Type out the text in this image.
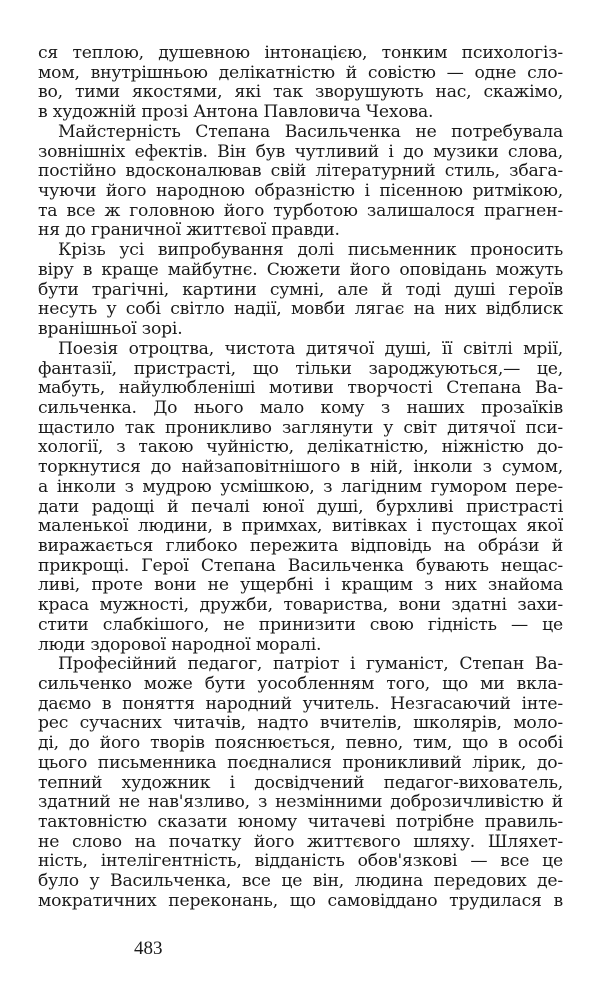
ся теплою, душевною інтонацією, тонким психологіз-
мом, внутрішньою делікатністю й совістю — одне сло-
во, тими якостями, які так зворушують нас, скажімо,
в художній прозі Антона Павловича Чехова.
Майстерність Степана Васильченка не потребувала
зовнішніх ефектів. Він був чутливий і до музики слова,
постійно вдосконалював свій літературний стиль, збага-
чуючи його народною образністю і пісенною ритмікою,
та все ж головною його турботою залишалося прагнен-
ня до граничної життєвої правди.
Крізь усі випробування долі письменник проносить
віру в краще майбутнє. Сюжети його оповідань можуть
бути трагічні, картини сумні, але й тоді душі героїв
несуть у собі світло надії, мовби лягає на них відблиск
вранішньої зорі.
Поезія отроцтва, чистота дитячої душі, її світлі мрії,
фантазії, пристрасті, що тільки зароджуються,— це,
мабуть, найулюбленіші мотиви творчості Степана Ва-
сильченка. До нього мало кому з наших прозаїків
щастило так проникливо заглянути у світ дитячої пси-
хології, з такою чуйністю, делікатністю, ніжністю до-
торкнутися до найзаповітнішого в ній, інколи з сумом,
а інколи з мудрою усмішкою, з лагідним гумором пере-
дати радощі й печалі юної душі, бурхливі пристрасті
маленької людини, в примхах, витівках і пустощах якої
виражається глибоко пережита відповідь на обра́зи й
прикрощі. Герої Степана Васильченка бувають нещас-
ливі, проте вони не ущербні і кращим з них знайома
краса мужності, дружби, товариства, вони здатні захи-
стити слабкішого, не принизити свою гідність — це
люди здорової народної моралі.
Професійний педагог, патріот і гуманіст, Степан Ва-
сильченко може бути уособленням того, що ми вкла-
даємо в поняття народний учитель. Незгасаючий інте-
рес сучасних читачів, надто вчителів, школярів, моло-
ді, до його творів пояснюється, певно, тим, що в особі
цього письменника поєдналися проникливий лірик, до-
тепний художник і досвідчений педагог-вихователь,
здатний не нав'язливо, з незмінними доброзичливістю й
тактовністю сказати юному читачеві потрібне правиль-
не слово на початку його життєвого шляху. Шляхет-
ність, інтелігентність, відданість обов'язкові — все це
було у Васильченка, все це він, людина передових де-
мократичних переконань, що самовіддано трудилася в
483
